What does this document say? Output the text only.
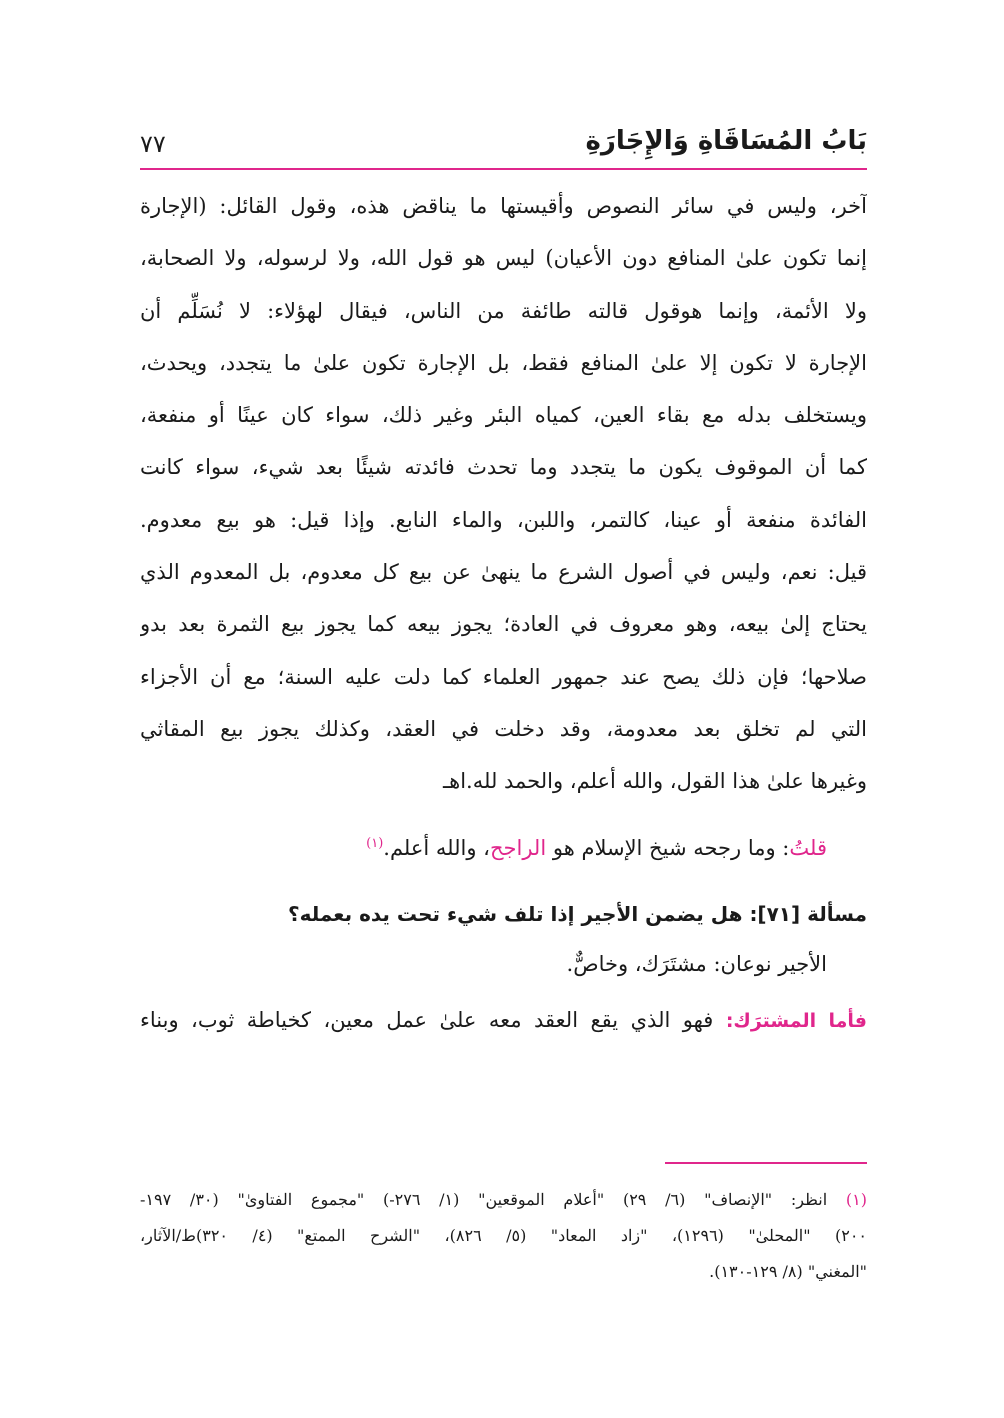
بَابُ المُسَاقَاةِ وَالإِجَارَةِ
٧٧
آخر، وليس في سائر النصوص وأقيستها ما يناقض هذه، وقول القائل: (الإجارة
إنما تكون علىٰ المنافع دون الأعيان) ليس هو قول الله، ولا لرسوله، ولا الصحابة،
ولا الأئمة، وإنما هوقول قالته طائفة من الناس، فيقال لهؤلاء: لا نُسَلِّم أن
الإجارة لا تكون إلا علىٰ المنافع فقط، بل الإجارة تكون علىٰ ما يتجدد، ويحدث،
ويستخلف بدله مع بقاء العين، كمياه البئر وغير ذلك، سواء كان عينًا أو منفعة،
كما أن الموقوف يكون ما يتجدد وما تحدث فائدته شيئًا بعد شيء، سواء كانت
الفائدة منفعة أو عينا، كالتمر، واللبن، والماء النابع. وإذا قيل: هو بيع معدوم.
قيل: نعم، وليس في أصول الشرع ما ينهىٰ عن بيع كل معدوم، بل المعدوم الذي
يحتاج إلىٰ بيعه، وهو معروف في العادة؛ يجوز بيعه كما يجوز بيع الثمرة بعد بدو
صلاحها؛ فإن ذلك يصح عند جمهور العلماء كما دلت عليه السنة؛ مع أن الأجزاء
التي لم تخلق بعد معدومة، وقد دخلت في العقد، وكذلك يجوز بيع المقاثي
وغيرها علىٰ هذا القول، والله أعلم، والحمد لله.اهـ
قلتُ: وما رجحه شيخ الإسلام هو الراجح، والله أعلم.$^{(١)}$
مسألة [٧١]: هل يضمن الأجير إذا تلف شيء تحت يده بعمله؟
الأجير نوعان: مشتَرَك، وخاصٌّ.
فأما المشترَك: فهو الذي يقع العقد معه علىٰ عمل معين، كخياطة ثوب، وبناء
(١) انظر: "الإنصاف" (٦/ ٢٩) "أعلام الموقعين" (١/ ٢٧٦-) "مجموع الفتاوىٰ" (٣٠/ ١٩٧-
٢٠٠) "المحلىٰ" (١٢٩٦)، "زاد المعاد" (٥/ ٨٢٦)، "الشرح الممتع" (٤/ ٣٢٠)ط/الآثار،
"المغني" (٨/ ١٢٩-١٣٠).
